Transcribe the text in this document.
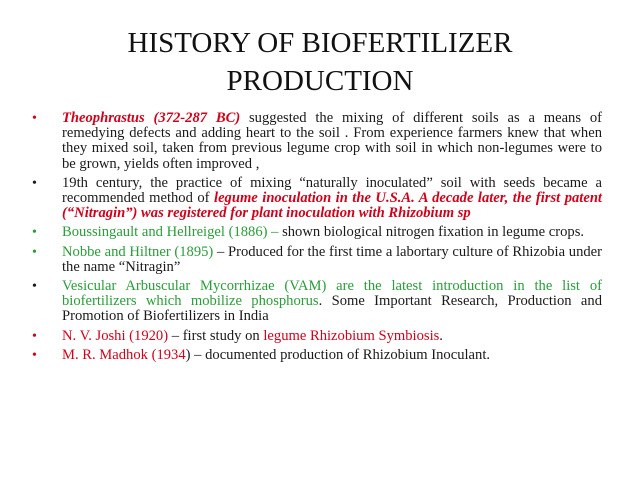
HISTORY OF BIOFERTILIZER
PRODUCTION
• Theophrastus (372-287 BC) suggested the mixing of different soils as a means of remedying defects and adding heart to the soil . From experience farmers knew that when they mixed soil, taken from previous legume crop with soil in which non-legumes were to be grown, yields often improved ,
• 19th century, the practice of mixing “naturally inoculated” soil with seeds became a recommended method of legume inoculation in the U.S.A. A decade later, the first patent (“Nitragin”) was registered for plant inoculation with Rhizobium sp
• Boussingault and Hellreigel (1886) – shown biological nitrogen fixation in legume crops.
• Nobbe and Hiltner (1895) – Produced for the first time a labortary culture of Rhizobia under the name “Nitragin”
• Vesicular Arbuscular Mycorrhizae (VAM) are the latest introduction in the list of biofertilizers which mobilize phosphorus. Some Important Research, Production and Promotion of Biofertilizers in India
• N. V. Joshi (1920) – first study on legume Rhizobium Symbiosis.
• M. R. Madhok (1934) – documented production of Rhizobium Inoculant.
